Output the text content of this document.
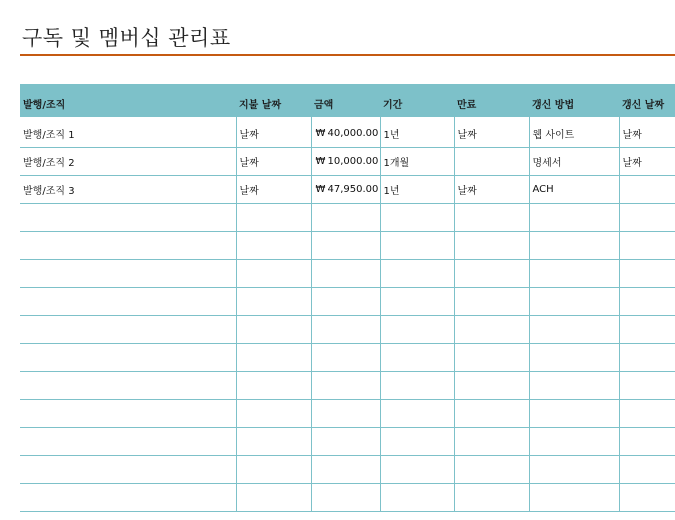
구독 및 멤버십 관리표
발행/조직	지불 날짜	금액	기간	만료	갱신 방법	갱신 날짜
발행/조직 1	날짜	₩ 40,000.00	1년	날짜	웹 사이트	날짜
발행/조직 2	날짜	₩ 10,000.00	1개월		명세서	날짜
발행/조직 3	날짜	₩ 47,950.00	1년	날짜	ACH	
